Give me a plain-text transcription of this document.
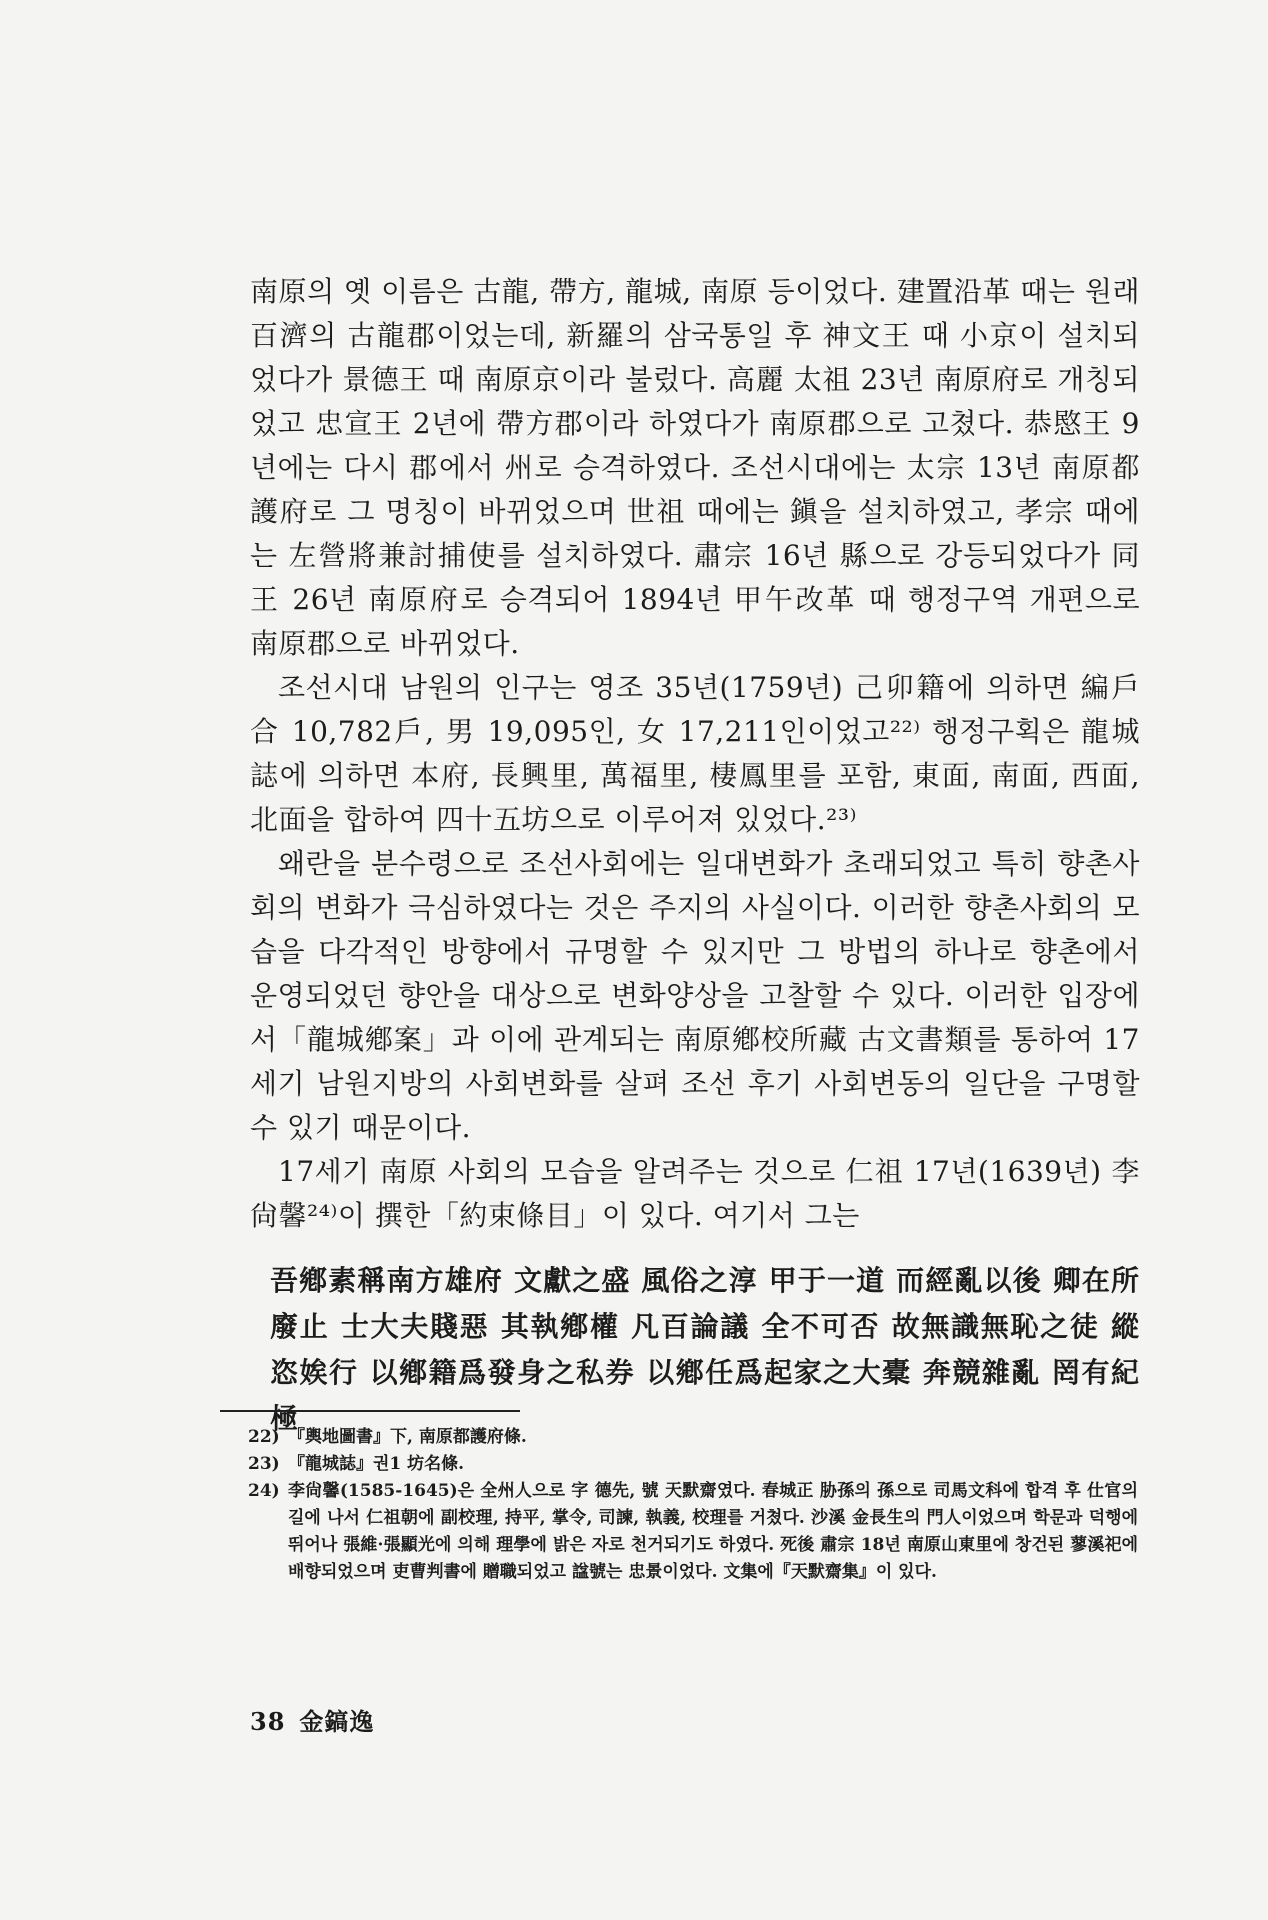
南原의 옛 이름은 古龍, 帶方, 龍城, 南原 등이었다. 建置沿革 때는 원래 百濟의 古龍郡이었는데, 新羅의 삼국통일 후 神文王 때 小京이 설치되었다가 景德王 때 南原京이라 불렀다. 高麗 太祖 23년 南原府로 개칭되었고 忠宣王 2년에 帶方郡이라 하였다가 南原郡으로 고쳤다. 恭愍王 9년에는 다시 郡에서 州로 승격하였다. 조선시대에는 太宗 13년 南原都護府로 그 명칭이 바뀌었으며 世祖 때에는 鎭을 설치하였고, 孝宗 때에는 左營將兼討捕使를 설치하였다. 肅宗 16년 縣으로 강등되었다가 同王 26년 南原府로 승격되어 1894년 甲午改革 때 행정구역 개편으로 南原郡으로 바뀌었다.

조선시대 남원의 인구는 영조 35년(1759년) 己卯籍에 의하면 編戶合 10,782戶, 男 19,095인, 女 17,211인이었고²²⁾ 행정구획은 龍城誌에 의하면 本府, 長興里, 萬福里, 棲鳳里를 포함, 東面, 南面, 西面, 北面을 합하여 四十五坊으로 이루어져 있었다.²³⁾

왜란을 분수령으로 조선사회에는 일대변화가 초래되었고 특히 향촌사회의 변화가 극심하였다는 것은 주지의 사실이다. 이러한 향촌사회의 모습을 다각적인 방향에서 규명할 수 있지만 그 방법의 하나로 향촌에서 운영되었던 향안을 대상으로 변화양상을 고찰할 수 있다. 이러한 입장에서「龍城鄕案」과 이에 관계되는 南原鄕校所藏 古文書類를 통하여 17세기 남원지방의 사회변화를 살펴 조선 후기 사회변동의 일단을 구명할 수 있기 때문이다.

17세기 南原 사회의 모습을 알려주는 것으로 仁祖 17년(1639년) 李尙馨²⁴⁾이 撰한「約束條目」이 있다. 여기서 그는

吾鄕素稱南方雄府 文獻之盛 風俗之淳 甲于一道 而經亂以後 卿在所廢止 士大夫賤惡 其執鄕權 凡百論議 全不可否 故無識無恥之徒 縱恣娭行 以鄕籍爲發身之私券 以鄕任爲起家之大橐 奔競雜亂 罔有紀極
22) 『輿地圖書』下, 南原都護府條.
23) 『龍城誌』권1 坊名條.
24) 李尙馨(1585-1645)은 全州人으로 字 德先, 號 天默齋였다. 春城正 胁孫의 孫으로 司馬文科에 합격 후 仕官의 길에 나서 仁祖朝에 副校理, 持平, 掌令, 司諫, 執義, 校理를 거쳤다. 沙溪 金長生의 門人이었으며 학문과 덕행에 뛰어나 張維·張顯光에 의해 理學에 밝은 자로 천거되기도 하였다. 死後 肅宗 18년 南原山東里에 창건된 蓼溪祀에 배향되었으며 吏曹判書에 贈職되었고 諡號는 忠景이었다. 文集에『天默齋集』이 있다.
38 金鎬逸
